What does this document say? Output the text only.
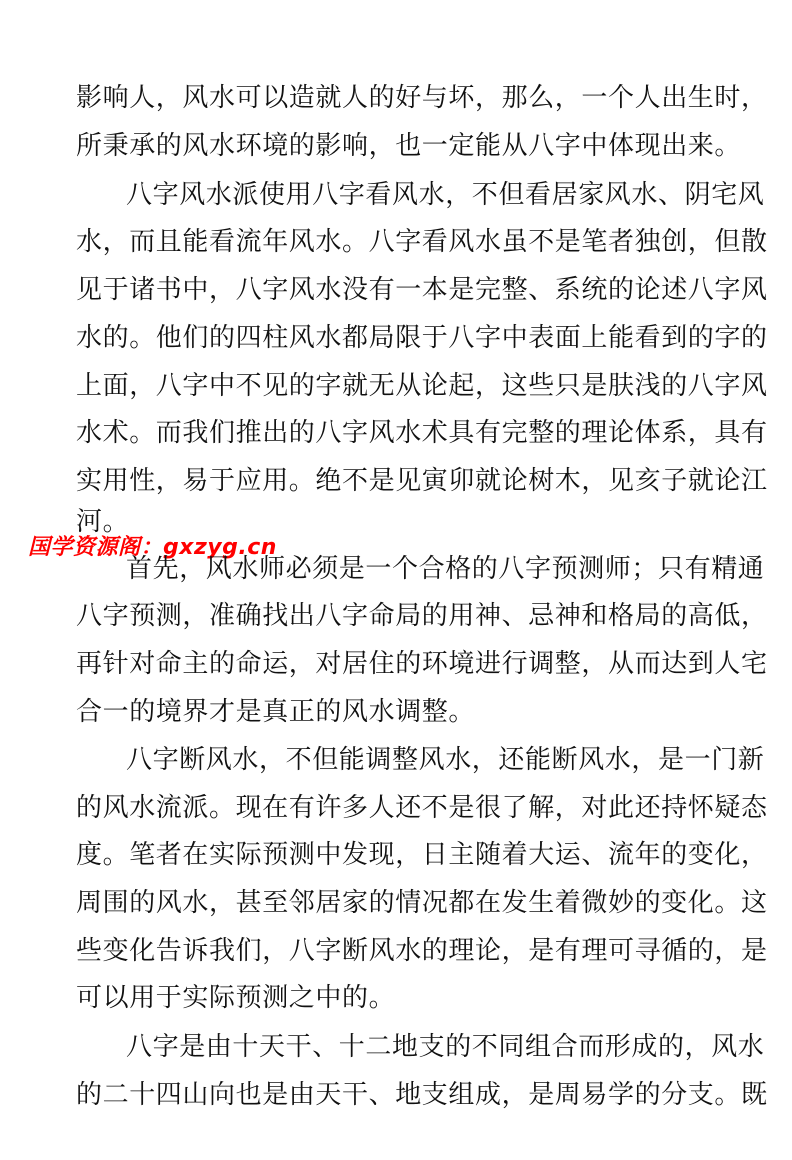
影响人，风水可以造就人的好与坏，那么，一个人出生时，
所秉承的风水环境的影响，也一定能从八字中体现出来。
八字风水派使用八字看风水，不但看居家风水、阴宅风
水，而且能看流年风水。八字看风水虽不是笔者独创，但散
见于诸书中，八字风水没有一本是完整、系统的论述八字风
水的。他们的四柱风水都局限于八字中表面上能看到的字的
上面，八字中不见的字就无从论起，这些只是肤浅的八字风
水术。而我们推出的八字风水术具有完整的理论体系，具有
实用性，易于应用。绝不是见寅卯就论树木，见亥子就论江
河。
国学资源阁：gxzyg.cn
首先，风水师必须是一个合格的八字预测师；只有精通
八字预测，准确找出八字命局的用神、忌神和格局的高低，
再针对命主的命运，对居住的环境进行调整，从而达到人宅
合一的境界才是真正的风水调整。
八字断风水，不但能调整风水，还能断风水，是一门新
的风水流派。现在有许多人还不是很了解，对此还持怀疑态
度。笔者在实际预测中发现，日主随着大运、流年的变化，
周围的风水，甚至邻居家的情况都在发生着微妙的变化。这
些变化告诉我们，八字断风水的理论，是有理可寻循的，是
可以用于实际预测之中的。
八字是由十天干、十二地支的不同组合而形成的，风水
的二十四山向也是由天干、地支组成，是周易学的分支。既
